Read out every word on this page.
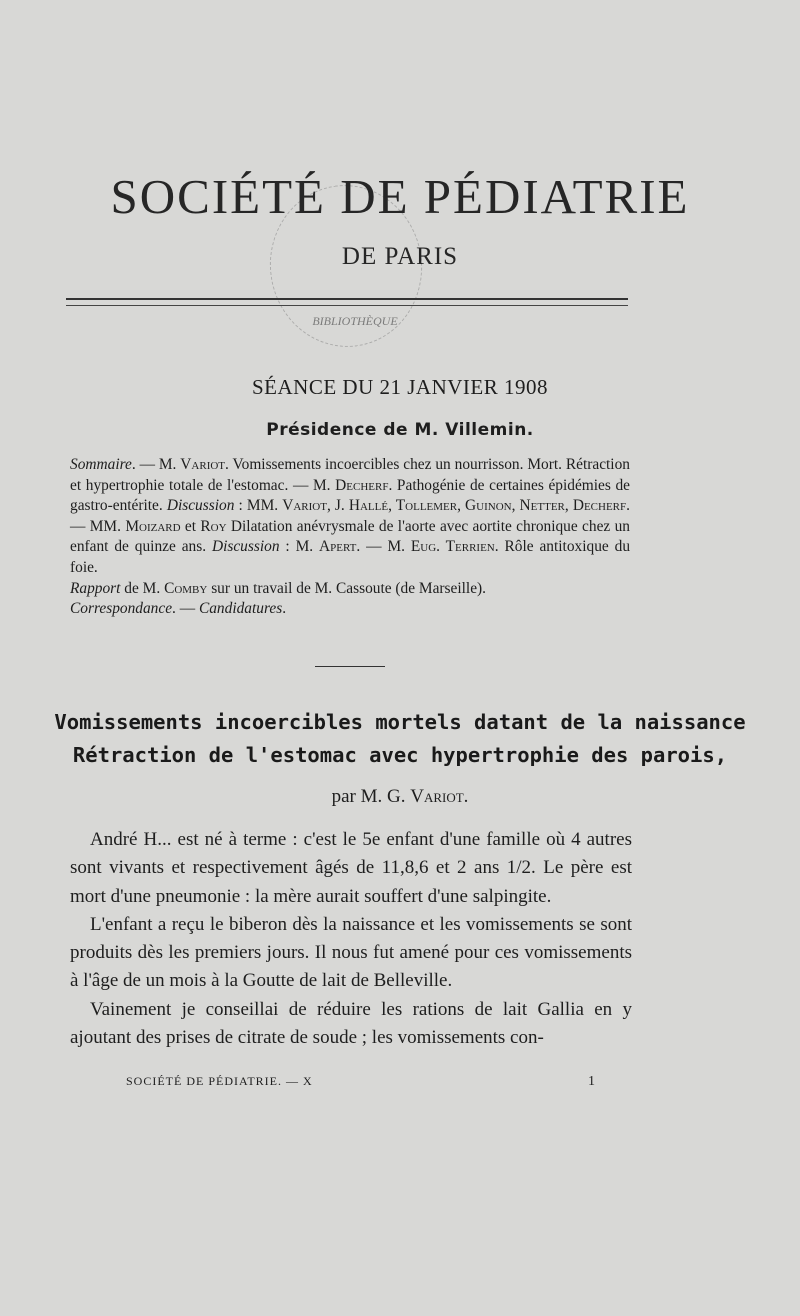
BIBLIOTHÈQUE
SOCIÉTÉ DE PÉDIATRIE
DE PARIS
SÉANCE DU 21 JANVIER 1908
Présidence de M. Villemin.

Sommaire. — M. Variot. Vomissements incoercibles chez un nourrisson. Mort. Rétraction et hypertrophie totale de l'estomac. — M. Decherf. Pathogénie de certaines épidémies de gastro-entérite. Discussion : MM. Variot, J. Hallé, Tollemer, Guinon, Netter, Decherf. — MM. Moizard et Roy Dilatation anévrysmale de l'aorte avec aortite chronique chez un enfant de quinze ans. Discussion : M. Apert. — M. Eug. Terrien. Rôle antitoxique du foie.

Rapport de M. Comby sur un travail de M. Cassoute (de Marseille).

Correspondance. — Candidatures.

Vomissements incoercibles mortels datant de la naissance

Rétraction de l'estomac avec hypertrophie des parois,

par M. G. Variot.

André H... est né à terme : c'est le 5e enfant d'une famille où 4 autres sont vivants et respectivement âgés de 11,8,6 et 2 ans 1/2. Le père est mort d'une pneumonie : la mère aurait souffert d'une salpingite.

L'enfant a reçu le biberon dès la naissance et les vomissements se sont produits dès les premiers jours. Il nous fut amené pour ces vomissements à l'âge de un mois à la Goutte de lait de Belleville.

Vainement je conseillai de réduire les rations de lait Gallia en y ajoutant des prises de citrate de soude ; les vomissements con-

SOCIÉTÉ DE PÉDIATRIE. — X	1
